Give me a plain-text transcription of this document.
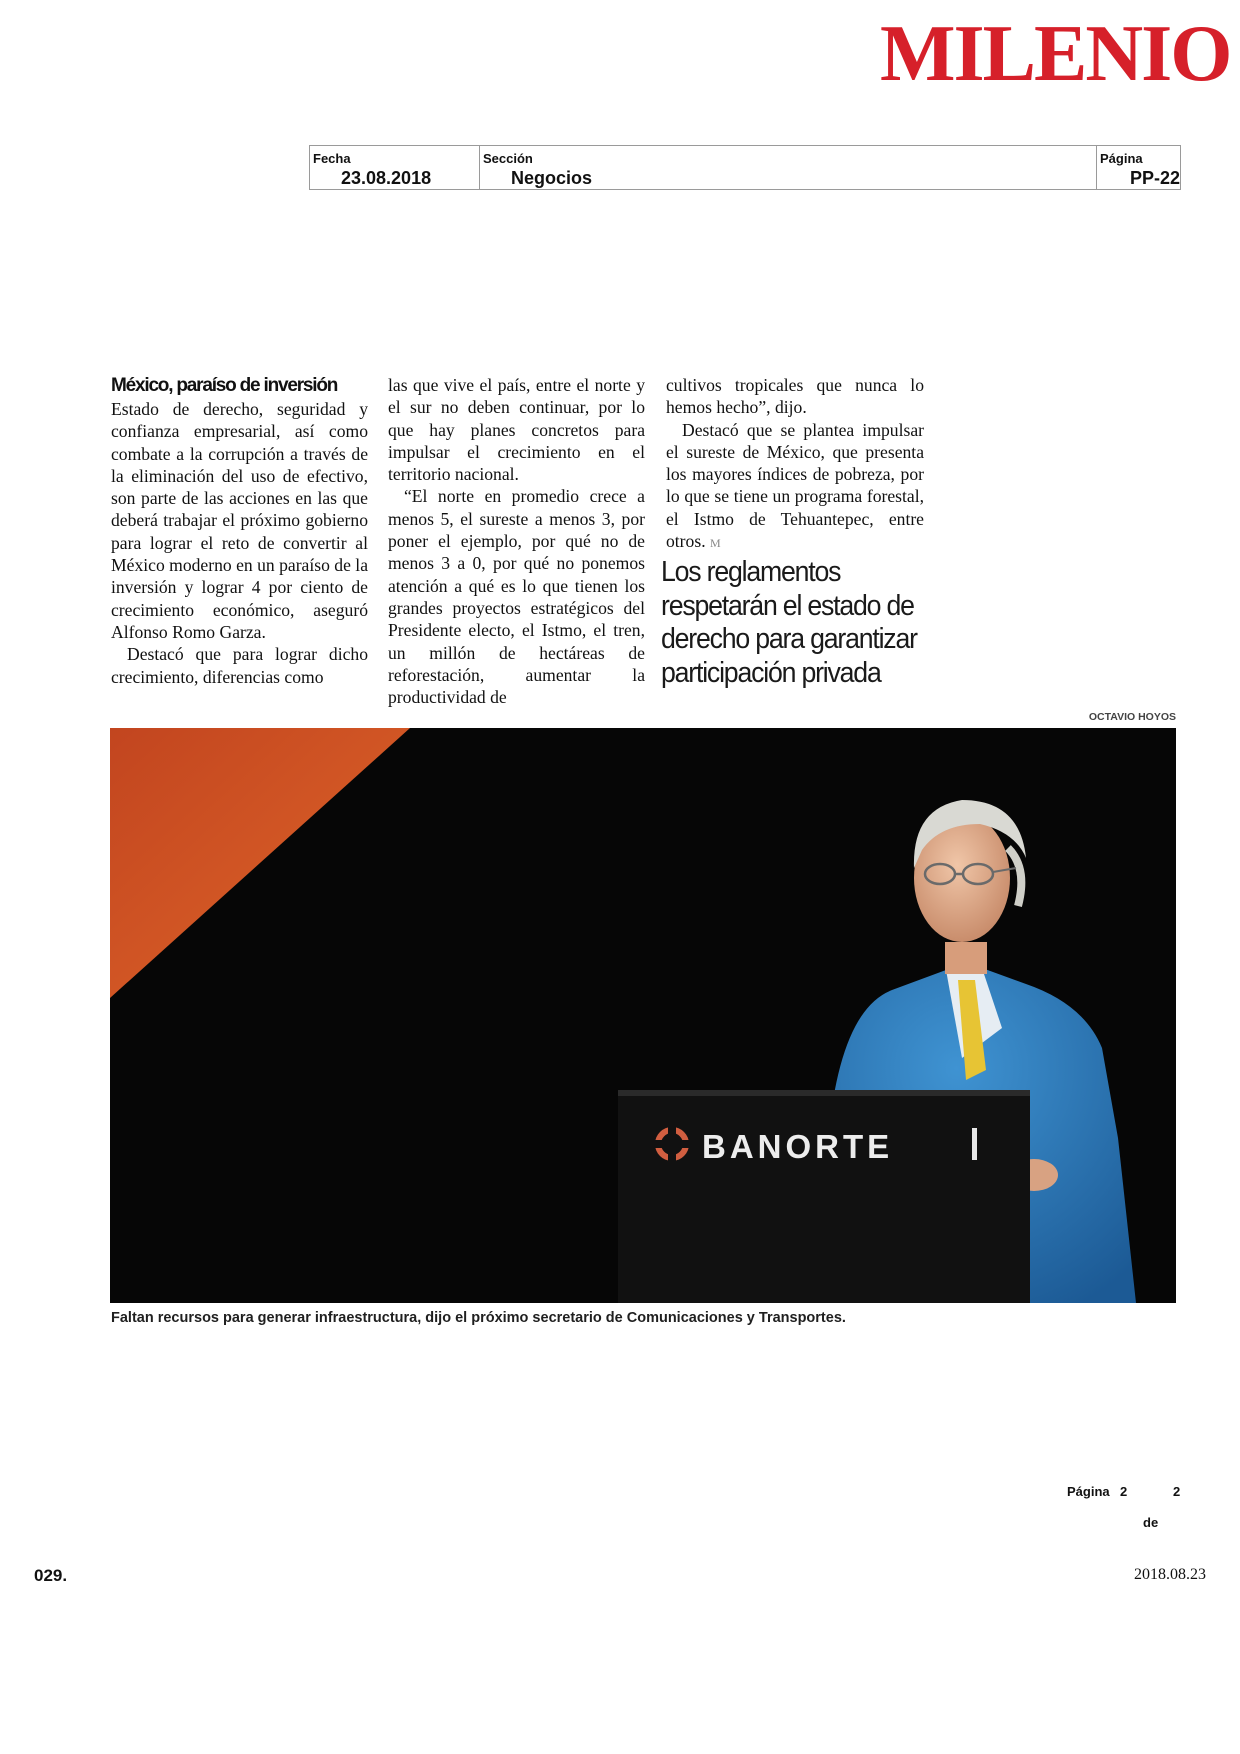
MILENIO
Fecha
23.08.2018
Sección
Negocios
Página
PP-22
México, paraíso de inversión

Estado de derecho, seguridad y confianza empresarial, así como combate a la corrupción a través de la eliminación del uso de efectivo, son parte de las acciones en las que deberá trabajar el próximo gobierno para lograr el reto de convertir al México moderno en un paraíso de la inversión y lograr 4 por ciento de crecimiento económico, aseguró Alfonso Romo Garza.

Destacó que para lograr dicho crecimiento, diferencias como

las que vive el país, entre el norte y el sur no deben continuar, por lo que hay planes concretos para impulsar el crecimiento en el territorio nacional.

“El norte en promedio crece a menos 5, el sureste a menos 3, por poner el ejemplo, por qué no de menos 3 a 0, por qué no ponemos atención a qué es lo que tienen los grandes proyectos estratégicos del Presidente electo, el Istmo, el tren, un millón de hectáreas de reforestación, aumentar la productividad de

cultivos tropicales que nunca lo hemos hecho”, dijo.

Destacó que se plantea impulsar el sureste de México, que presenta los mayores índices de pobreza, por lo que se tiene un programa forestal, el Istmo de Tehuantepec, entre otros. M

Los reglamentos respetarán el estado de derecho para garantizar participación privada
OCTAVIO HOYOS
BANORTE
Faltan recursos para generar infraestructura, dijo el próximo secretario de Comunicaciones y Transportes.
Página 2	2
de
029.	2018.08.23
